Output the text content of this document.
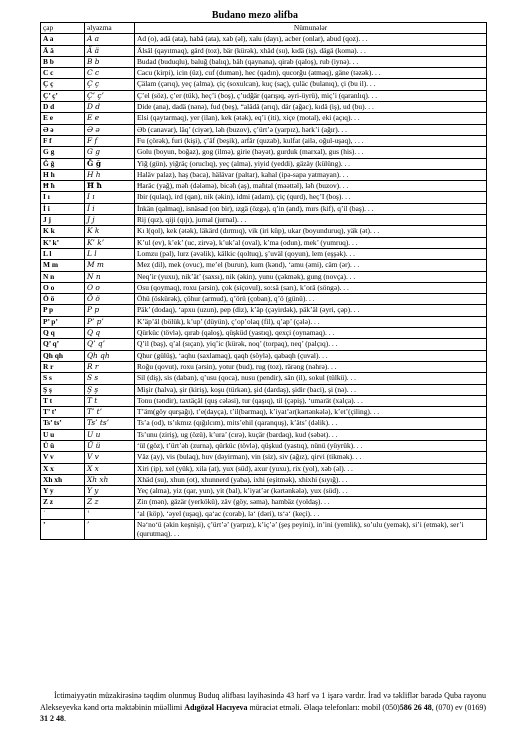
Budano mezo əlifba
çap	əlyazma	Nümunələr
A a	A a	Ad (o), adä (ata), habä (ata), xab (əl), xalu (dayı), acber (onlar), abud (qoz). . .
Ä ä	Ä ä	Älsäl (qayıtmaq), gärd (toz), bär (kürək), xhäd (su), kıdä (iş), dägä (koma). . .
B b	B b	Budad (buduqlu), baluğ (balıq), bäh (qaynana), qirab (qaloş), rub (iynə). . .
C c	C c	Cacu (kirpi), icin (üz), cuf (duman), hec (qadın), qucorğu (atmaq), gäne (təzək). . .
Ç ç	Ç ç	Çälam (çarıq), yeç (alma), çiç (soxulcan), kuç (saç), çuläc (bulanıq), çi (bu il). . .
Ç’ ç’	Ç’ ç’	Ç’el (söz), ç’er (tük), heç’i (boş), ç’udğär (qarışıq, əyri-üyrü), miç’i (qaranlıq). . .
D d	D d	Dide (ana), dadä (nənə), fud (beş), “alädä (arıq), där (ağac), kıdä (iş), ud (bu). . .
E e	E e	Elsi (qaytarmaq), yer (ilan), kek (ətək), eq’i (iti), xiçe (motal), eki (açıq). . .
Ə ə	Ə ə	Əb (canavar), läq’ (ciyər), ləh (buzov), ç’ürt’ə (yarpız), hərk’i (ağır). . .
F f	F f	Fu (çörək), furi (kişi), ç’äf (beşik), arfär (quzab), kulfat (ailə, oğul-uşaq), . . .
G g	G g	Golu (boyun, boğaz), gog (ilmə), girie (həyət), gurduk (marxal), gus (his). . .
Ğ ğ	Ğ ğ	Yiğ (gün), yiğräç (oruclıq), yeç (alma), yiyid (yeddi), gäzäy (külüng). . .
H h	H h	Haläv palaz), haş (baca), hälävar (paltar), kahal (ipə-sapa yatmayan). . .
Ħ ħ	Ħ ħ	Ħaräc (yağ), məħ (dələmə), bicəħ (aş), maħtal (məəttəl), ləħ (buzov). . .
I ı	I ı	Ibir (qulaq), ird (qan), nik (əkin), idmi (adam), çiç (qurd), heç’I (boş). . .
İ i	İ i	İnkän (qalmaq), isnäsad (on bir), ızgä (özgə), q’in (and), mırs (kif), q’il (baş). . .
J j	J j	Rij (qız), qiji (qıjı), jurnal (jurnal). . .
K k	K k	Kı l(qol), kek (ətək), läkärd (dırmıq), vik (iri küp), ukar (boyunduruq), yäk (ət). . .
K’ k’	K’ k’	K’ul (ev), k’ek’ (uc, zirvə), k’uk’al (oval), k’ma (odun), mek’ (yumruq). . .
L l	L l	Lomzu (pəl), lurz (əvəlik), kälkic (qoltuq), ş’uväl (qoyun), lem (eşşək). . .
M m	M m	Mez (dil), mek (ovuc), me’el (burun), kum (kənd), ‘amu (əmi), cäm (ər). . .
N n	N n	Neq’ir (yuxu), nik’ät’ (saxsı), nik (əkin), yunu (çəkmək), gung (novça). . .
O o	O o	Osu (qoymaq), roxu (ərsin), çok (siçovul), so:sä (sarı), k’orä (söngə). . .
Ö ö	Ö ö	Öhü (öskürək), çöhur (armud), q’örü (çoban), q’ö (günü). . .
P p	P p	Päk’ (dodaq), ‘apxu (uzun), pep (diz), k’äp (çəyirdək), päk’äl (əyri, çəp). . .
P’ p’	P’ p’	K’äp’äl (bölük), k’up’ (düyün), ç’op’olaq (fil), q’ap’ (çələ). . .
Q q	Q q	Qürküc (tövlə), qırab (qaloş), qüşküd (yastıq), qexçi (oynamaq). . .
Q’ q’	Q’ q’	Q’il (baş), q’al (sıçan), yiq’ic (kürək, noq’ (torpaq), neq’ (palçıq). . .
Qh qh	Qh qh	Qhur (gülüş), ‘aqhu (saxlamaq), qaqh (söylə), qabaqh (çuval). . .
R r	R r	Roğu (qovut), roxu (ərsin), yotur (bud), rug (toz), rärəng (nəhrə). . .
S s	S s	Sil (diş), sis (daban), q’usu (qoca), nusu (pendir), sän (il), sokul (tülkü). . .
Ş ş	Ş ş	Mişir (halva), şir (kiriş), koşu (türkən), şid (dardaş), şidir (baci), şi (nə). . .
T t	T t	Tonu (təndir), taxtäçäl (quş cələsi), tur (qaşıq), til (çəpiş), ‘umarät (xalça). . .
T’ t’	T’ t’	T’äm(göy qurşağı), t’e(dayça), t’il(barmaq), k’iyat’ər(kərtənkələ), k’et’(çiling). . .
Ts’ ts’	Ts’ ts’	Ts’a (od), ts’ıkmız (qığılcım), mits’ehil (qaranquş), k’äts’ (dəlik). . .
U u	U u	Ts’unu (ziriş), ug (özü), k’ura’ (cırə), kuçär (bardaq), kud (səbət). . .
Ü ü	Ü ü	‘ül (göz), t’ürt’əh (zurna), qürküc (tövlə), qüşkud (yastıq), nünü (yüyrük). . .
V v	V v	Väz (ay), vis (bulaq), huv (dəyirman), vin (siz), siv (ağız), qirvi (tikmək). . .
X x	X x	Xiri (ip), xel (yük), xila (at), yux (süd), axur (yuxu), rix (yol), xəb (əl). . .
Xh xh	Xh xh	Xhäd (su), xhun (ot), xhunnerd (yaba), ixhi (eşitmək), xhixhi (sıyığ). . .
Y y	Y y	Yeç (alma), yiz (qar, yun), yit (bal), k’iyat’ər (kərtənkələ), yux (süd). . .
Z z	Z z	Zin (mən), gäzär (yerkökü), zäv (göy, səma), hambäz (yoldaş). . .
ʿ	ʿ	‘al (köp), ‘əyel (uşaq), qa‘ac (corab), lə‘ (dəri), ts‘ə‘ (keçi). . .
’	’	Nə‘no‘ü (əkin keşnişi), ç’ürt’ə’ (yarpız), k’iç’ə’ (şeş peyini), in’ini (yemlik), so’ulu (yemək), si’i (etmək), ser’i (qurutmaq). . .
İctimaiyyətin müzakirəsinə təqdim olunmuş Buduq əlifbası layihəsində 43 hərf və 1 işarə vardır. İrad və təkliflər barədə Quba rayonu Alekseyevka kənd orta məktəbinin müəllimi Adıgözəl Hacıyeva müraciət etməli. Əlaqə telefonları: mobil (050)586 26 48, (070) ev (0169) 31 2 48.
